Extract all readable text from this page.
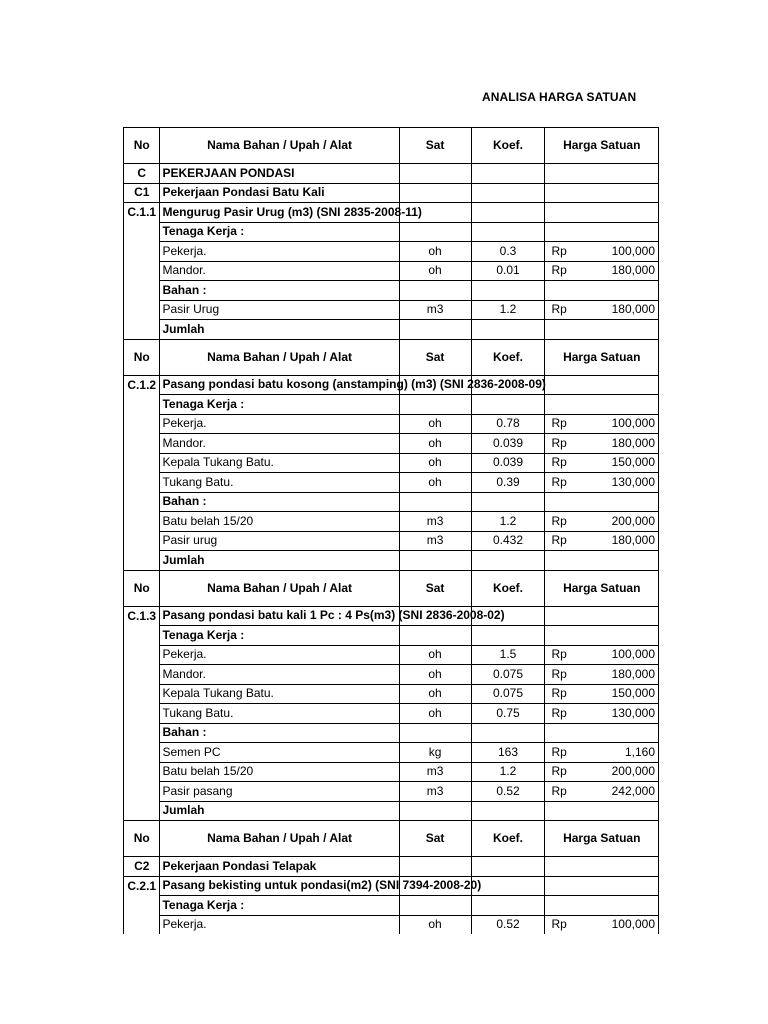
ANALISA HARGA SATUAN
No	Nama Bahan / Upah / Alat	Sat	Koef.	Harga Satuan
C	PEKERJAAN PONDASI			
C1	Pekerjaan Pondasi Batu Kali			
C.1.1	Mengurug Pasir Urug (m3) (SNI 2835-2008-11)			
	Tenaga Kerja :			
	Pekerja.	oh	0.3	Rp 100,000

	Mandor.	oh	0.01	Rp 180,000

	Bahan :			
	Pasir Urug	m3	1.2	Rp 180,000

	Jumlah			
No	Nama Bahan / Upah / Alat	Sat	Koef.	Harga Satuan
C.1.2	Pasang pondasi batu kosong (anstamping) (m3) (SNI 2836-2008-09)			
	Tenaga Kerja :			
	Pekerja.	oh	0.78	Rp 100,000

	Mandor.	oh	0.039	Rp 180,000

	Kepala Tukang Batu.	oh	0.039	Rp 150,000

	Tukang Batu.	oh	0.39	Rp 130,000

	Bahan :			
	Batu belah 15/20	m3	1.2	Rp 200,000

	Pasir urug	m3	0.432	Rp 180,000

	Jumlah			
No	Nama Bahan / Upah / Alat	Sat	Koef.	Harga Satuan
C.1.3	Pasang pondasi batu kali 1 Pc : 4 Ps(m3) (SNI 2836-2008-02)			
	Tenaga Kerja :			
	Pekerja.	oh	1.5	Rp 100,000

	Mandor.	oh	0.075	Rp 180,000

	Kepala Tukang Batu.	oh	0.075	Rp 150,000

	Tukang Batu.	oh	0.75	Rp 130,000

	Bahan :			
	Semen PC	kg	163	Rp 1,160

	Batu belah 15/20	m3	1.2	Rp 200,000

	Pasir pasang	m3	0.52	Rp 242,000

	Jumlah			
No	Nama Bahan / Upah / Alat	Sat	Koef.	Harga Satuan
C2	Pekerjaan Pondasi Telapak			
C.2.1	Pasang bekisting untuk pondasi(m2) (SNI 7394-2008-20)			
	Tenaga Kerja :			
	Pekerja.	oh	0.52	Rp 100,000
